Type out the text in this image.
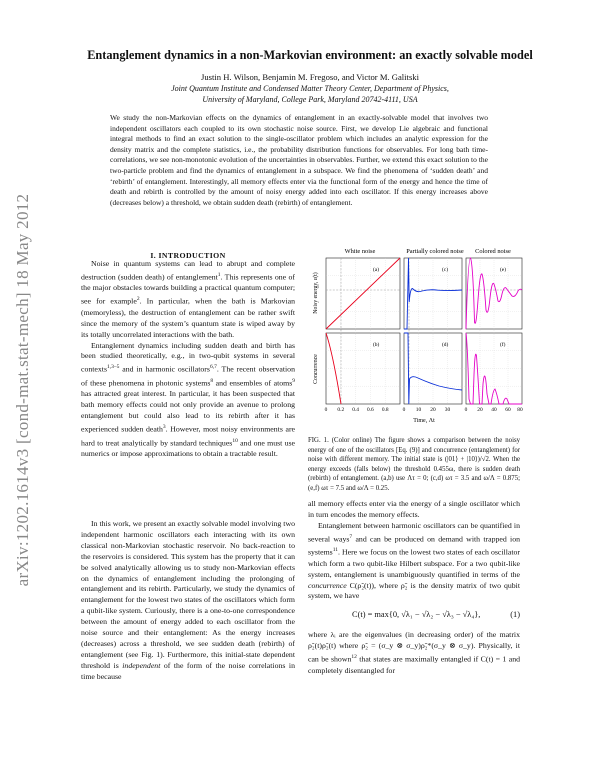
arXiv:1202.1614v3 [cond-mat.stat-mech] 18 May 2012
Entanglement dynamics in a non-Markovian environment: an exactly solvable model
Justin H. Wilson, Benjamin M. Fregoso, and Victor M. Galitski
Joint Quantum Institute and Condensed Matter Theory Center, Department of Physics,
University of Maryland, College Park, Maryland 20742-4111, USA
We study the non-Markovian effects on the dynamics of entanglement in an exactly-solvable model that involves two independent oscillators each coupled to its own stochastic noise source. First, we develop Lie algebraic and functional integral methods to find an exact solution to the single-oscillator problem which includes an analytic expression for the density matrix and the complete statistics, i.e., the probability distribution functions for observables. For long bath time-correlations, we see non-monotonic evolution of the uncertainties in observables. Further, we extend this exact solution to the two-particle problem and find the dynamics of entanglement in a subspace. We find the phenomena of ‘sudden death’ and ‘rebirth’ of entanglement. Interestingly, all memory effects enter via the functional form of the energy and hence the time of death and rebirth is controlled by the amount of noisy energy added into each oscillator. If this energy increases above (decreases below) a threshold, we obtain sudden death (rebirth) of entanglement.
I. INTRODUCTION

Noise in quantum systems can lead to abrupt and complete destruction (sudden death) of entanglement$^1$. This represents one of the major obstacles towards building a practical quantum computer; see for example$^2$. In particular, when the bath is Markovian (memoryless), the destruction of entanglement can be rather swift since the memory of the system’s quantum state is wiped away by its totally uncorrelated interactions with the bath.

Entanglement dynamics including sudden death and birth has been studied theoretically, e.g., in two-qubit systems in several contexts$^{1,3-5}$ and in harmonic oscillators$^{6,7}$. The recent observation of these phenomena in photonic systems$^8$ and ensembles of atoms$^9$ has attracted great interest. In particular, it has been suspected that bath memory effects could not only provide an avenue to prolong entanglement but could also lead to its rebirth after it has experienced sudden death$^3$. However, most noisy environments are hard to treat analytically by standard techniques$^{10}$ and one must use numerics or impose approximations to obtain a tractable result.

In this work, we present an exactly solvable model involving two independent harmonic oscillators each interacting with its own classical non-Markovian stochastic reservoir. No back-reaction to the reservoirs is considered. This system has the property that it can be solved analytically allowing us to study non-Markovian effects on the dynamics of entanglement including the prolonging of entanglement and its rebirth. Particularly, we study the dynamics of entanglement for the lowest two states of the oscillators which form a qubit-like system. Curiously, there is a one-to-one correspondence between the amount of energy added to each oscillator from the noise source and their entanglement: As the energy increases (decreases) across a threshold, we see sudden death (rebirth) of entanglement (see Fig. 1). Furthermore, this initial-state dependent threshold is independent of the form of the noise correlations in time because

White noise	Partially colored noise Colored noise
Noisy energy, ε(t)
Concurrence
(a)
(b)
(c)
(d)
(e)
(f)
0 0.2 0.4 0.6 0.8	0 10 20 30	0 20 40 60 80
Time, Λt
FIG. 1. (Color online) The figure shows a comparison between the noisy energy of one of the oscillators [Eq. (9)] and concurrence (entanglement) for noise with different memory. The initial state is (|01⟩ + |10⟩)/√2. When the energy exceeds (falls below) the threshold 0.455ω, there is sudden death (rebirth) of entanglement. (a,b) use Λτ = 0; (c,d) ωτ = 3.5 and ω/Λ = 0.875; (e,f) ωτ = 7.5 and ω/Λ = 0.25.

all memory effects enter via the energy of a single oscillator which in turn encodes the memory effects.

Entanglement between harmonic oscillators can be quantified in several ways$^7$ and can be produced on demand with trapped ion systems$^{11}$. Here we focus on the lowest two states of each oscillator which form a two qubit-like Hilbert subspace. For a two qubit-like system, entanglement is unambiguously quantified in terms of the concurrence C(ρ̃₂(t)), where ρ̃₂ is the density matrix of two qubit system, we have

C(t) = max{0, √λ₁ − √λ₂ − √λ₃ − √λ₄},	(1)

where λᵢ are the eigenvalues (in decreasing order) of the matrix ρ̃₂(t)ρ̃₂(t) where ρ̃₂ = (σ_y ⊗ σ_y)ρ̃₂*(σ_y ⊗ σ_y). Physically, it can be shown$^{12}$ that states are maximally entangled if C(t) = 1 and completely disentangled for
